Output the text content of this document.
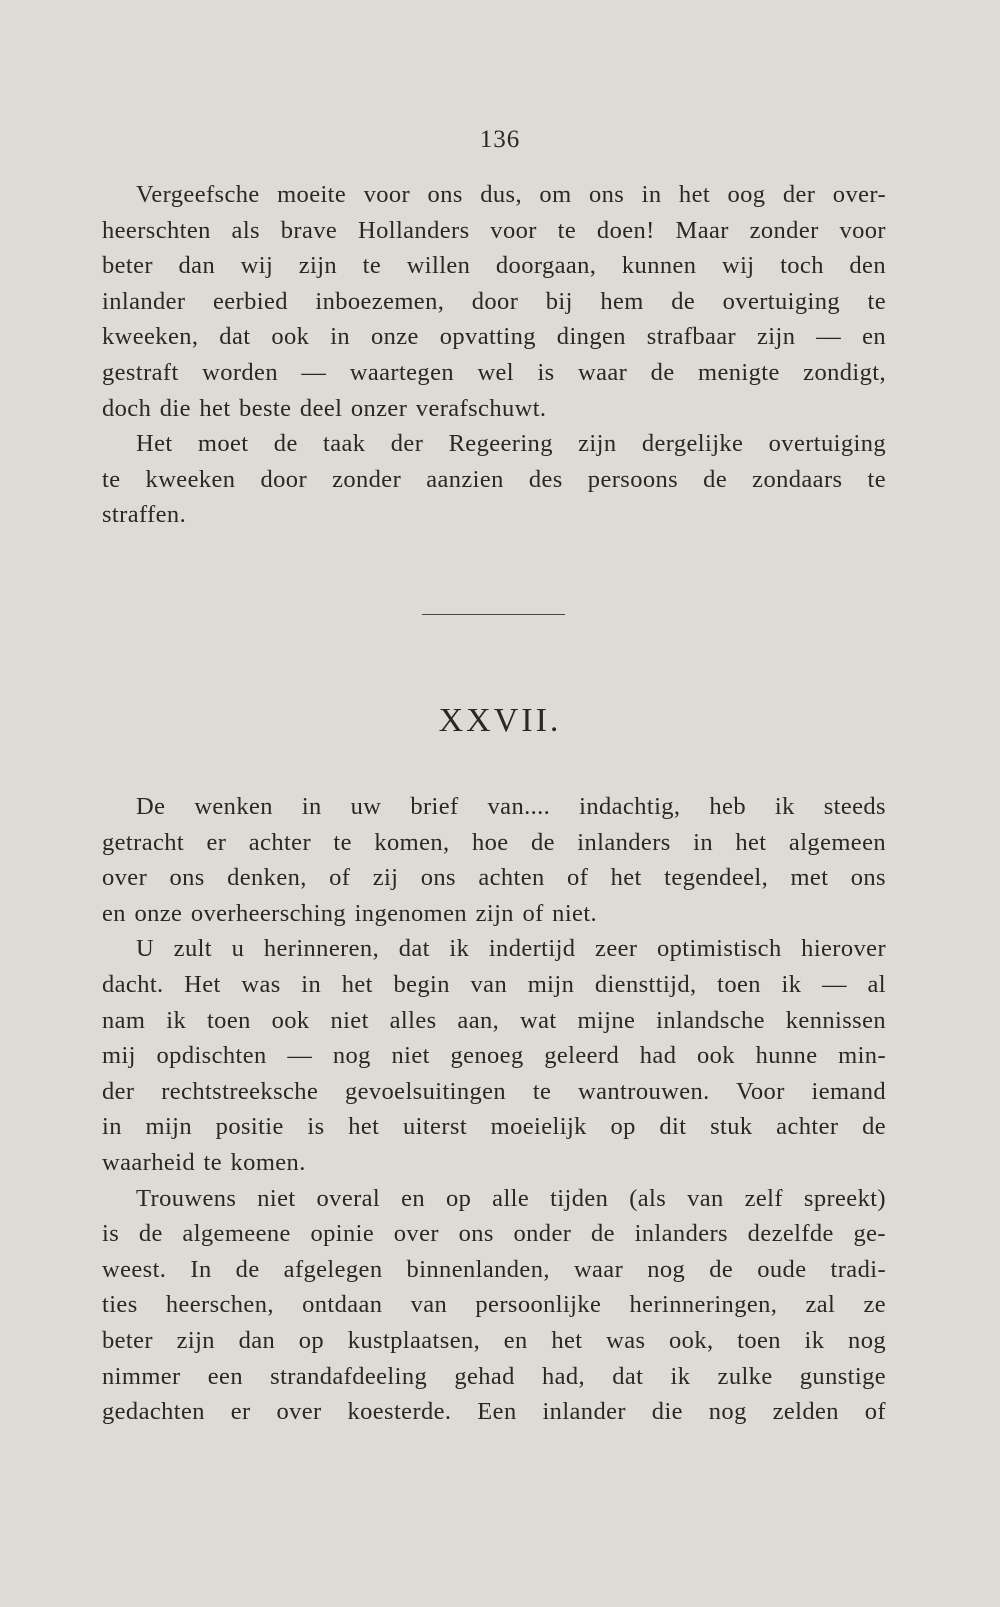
136
Vergeefsche moeite voor ons dus, om ons in het oog der over-
heerschten als brave Hollanders voor te doen! Maar zonder voor
beter dan wij zijn te willen doorgaan, kunnen wij toch den
inlander eerbied inboezemen, door bij hem de overtuiging te
kweeken, dat ook in onze opvatting dingen strafbaar zijn — en
gestraft worden — waartegen wel is waar de menigte zondigt,
doch die het beste deel onzer verafschuwt.
Het moet de taak der Regeering zijn dergelijke overtuiging
te kweeken door zonder aanzien des persoons de zondaars te
straffen.
XXVII.
De wenken in uw brief van.... indachtig, heb ik steeds
getracht er achter te komen, hoe de inlanders in het algemeen
over ons denken, of zij ons achten of het tegendeel, met ons
en onze overheersching ingenomen zijn of niet.
U zult u herinneren, dat ik indertijd zeer optimistisch hierover
dacht. Het was in het begin van mijn diensttijd, toen ik — al
nam ik toen ook niet alles aan, wat mijne inlandsche kennissen
mij opdischten — nog niet genoeg geleerd had ook hunne min-
der rechtstreeksche gevoelsuitingen te wantrouwen. Voor iemand
in mijn positie is het uiterst moeielijk op dit stuk achter de
waarheid te komen.
Trouwens niet overal en op alle tijden (als van zelf spreekt)
is de algemeene opinie over ons onder de inlanders dezelfde ge-
weest. In de afgelegen binnenlanden, waar nog de oude tradi-
ties heerschen, ontdaan van persoonlijke herinneringen, zal ze
beter zijn dan op kustplaatsen, en het was ook, toen ik nog
nimmer een strandafdeeling gehad had, dat ik zulke gunstige
gedachten er over koesterde. Een inlander die nog zelden of
